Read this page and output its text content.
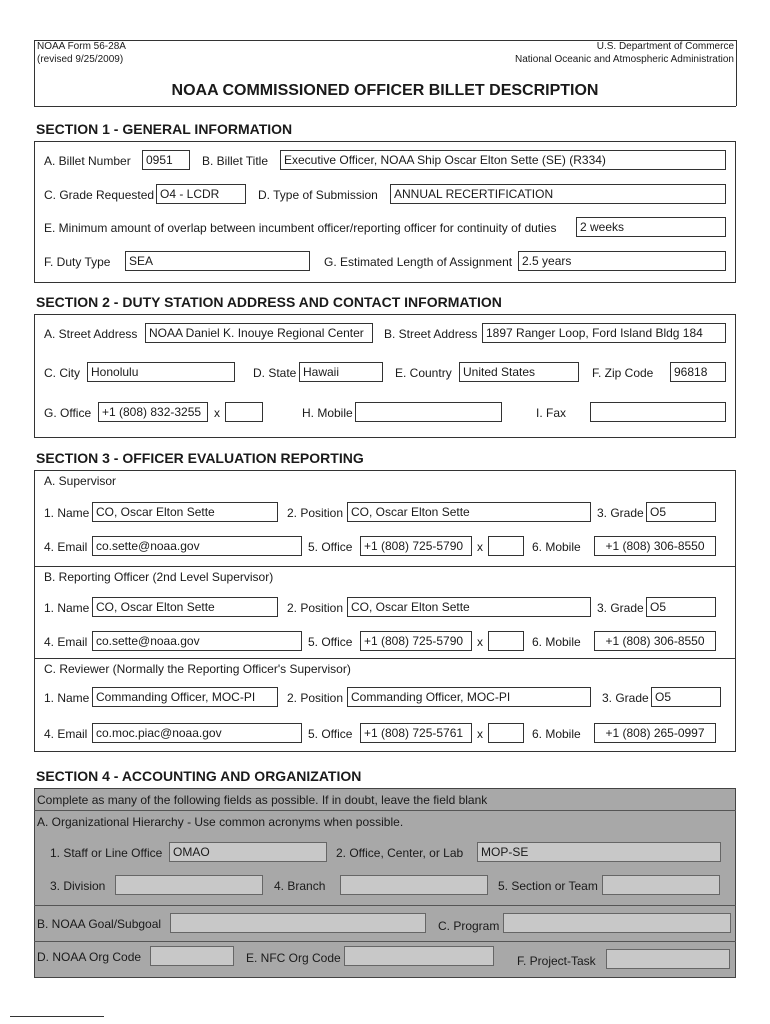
NOAA Form 56-28A
(revised 9/25/2009)
U.S. Department of Commerce
National Oceanic and Atmospheric Administration
NOAA COMMISSIONED OFFICER BILLET DESCRIPTION
SECTION 1 - GENERAL INFORMATION
A. Billet Number	0951	B. Billet Title	Executive Officer, NOAA Ship Oscar Elton Sette (SE) (R334)
C. Grade Requested O4 - LCDR	D. Type of Submission	ANNUAL RECERTIFICATION
E. Minimum amount of overlap between incumbent officer/reporting officer for continuity of duties	2 weeks
F. Duty Type	SEA	G. Estimated Length of Assignment 2.5 years
SECTION 2 - DUTY STATION ADDRESS AND CONTACT INFORMATION
A. Street Address NOAA Daniel K. Inouye Regional Center	B. Street Address 1897 Ranger Loop, Ford Island Bldg 184
C. City Honolulu	D. State Hawaii	E. Country United States	F. Zip Code	96818
G. Office +1 (808) 832-3255	x	H. Mobile	I. Fax
SECTION 3 - OFFICER EVALUATION REPORTING
A. Supervisor
1. Name CO, Oscar Elton Sette	2. Position CO, Oscar Elton Sette	3. Grade O5
4. Email co.sette@noaa.gov	5. Office +1 (808) 725-5790	x	6. Mobile	+1 (808) 306-8550
B. Reporting Officer (2nd Level Supervisor)
1. Name CO, Oscar Elton Sette	2. Position CO, Oscar Elton Sette	3. Grade O5
4. Email co.sette@noaa.gov	5. Office +1 (808) 725-5790	x	6. Mobile	+1 (808) 306-8550
C. Reviewer (Normally the Reporting Officer's Supervisor)
1. Name Commanding Officer, MOC-PI	2. Position Commanding Officer, MOC-PI	3. Grade O5
4. Email co.moc.piac@noaa.gov	5. Office +1 (808) 725-5761	x	6. Mobile	+1 (808) 265-0997
SECTION 4 - ACCOUNTING AND ORGANIZATION
Complete as many of the following fields as possible. If in doubt, leave the field blank
A. Organizational Hierarchy - Use common acronyms when possible.
1. Staff or Line Office OMAO	2. Office, Center, or Lab	MOP-SE
3. Division	4. Branch	5. Section or Team
B. NOAA Goal/Subgoal	C. Program
D. NOAA Org Code	E. NFC Org Code	F. Project-Task
